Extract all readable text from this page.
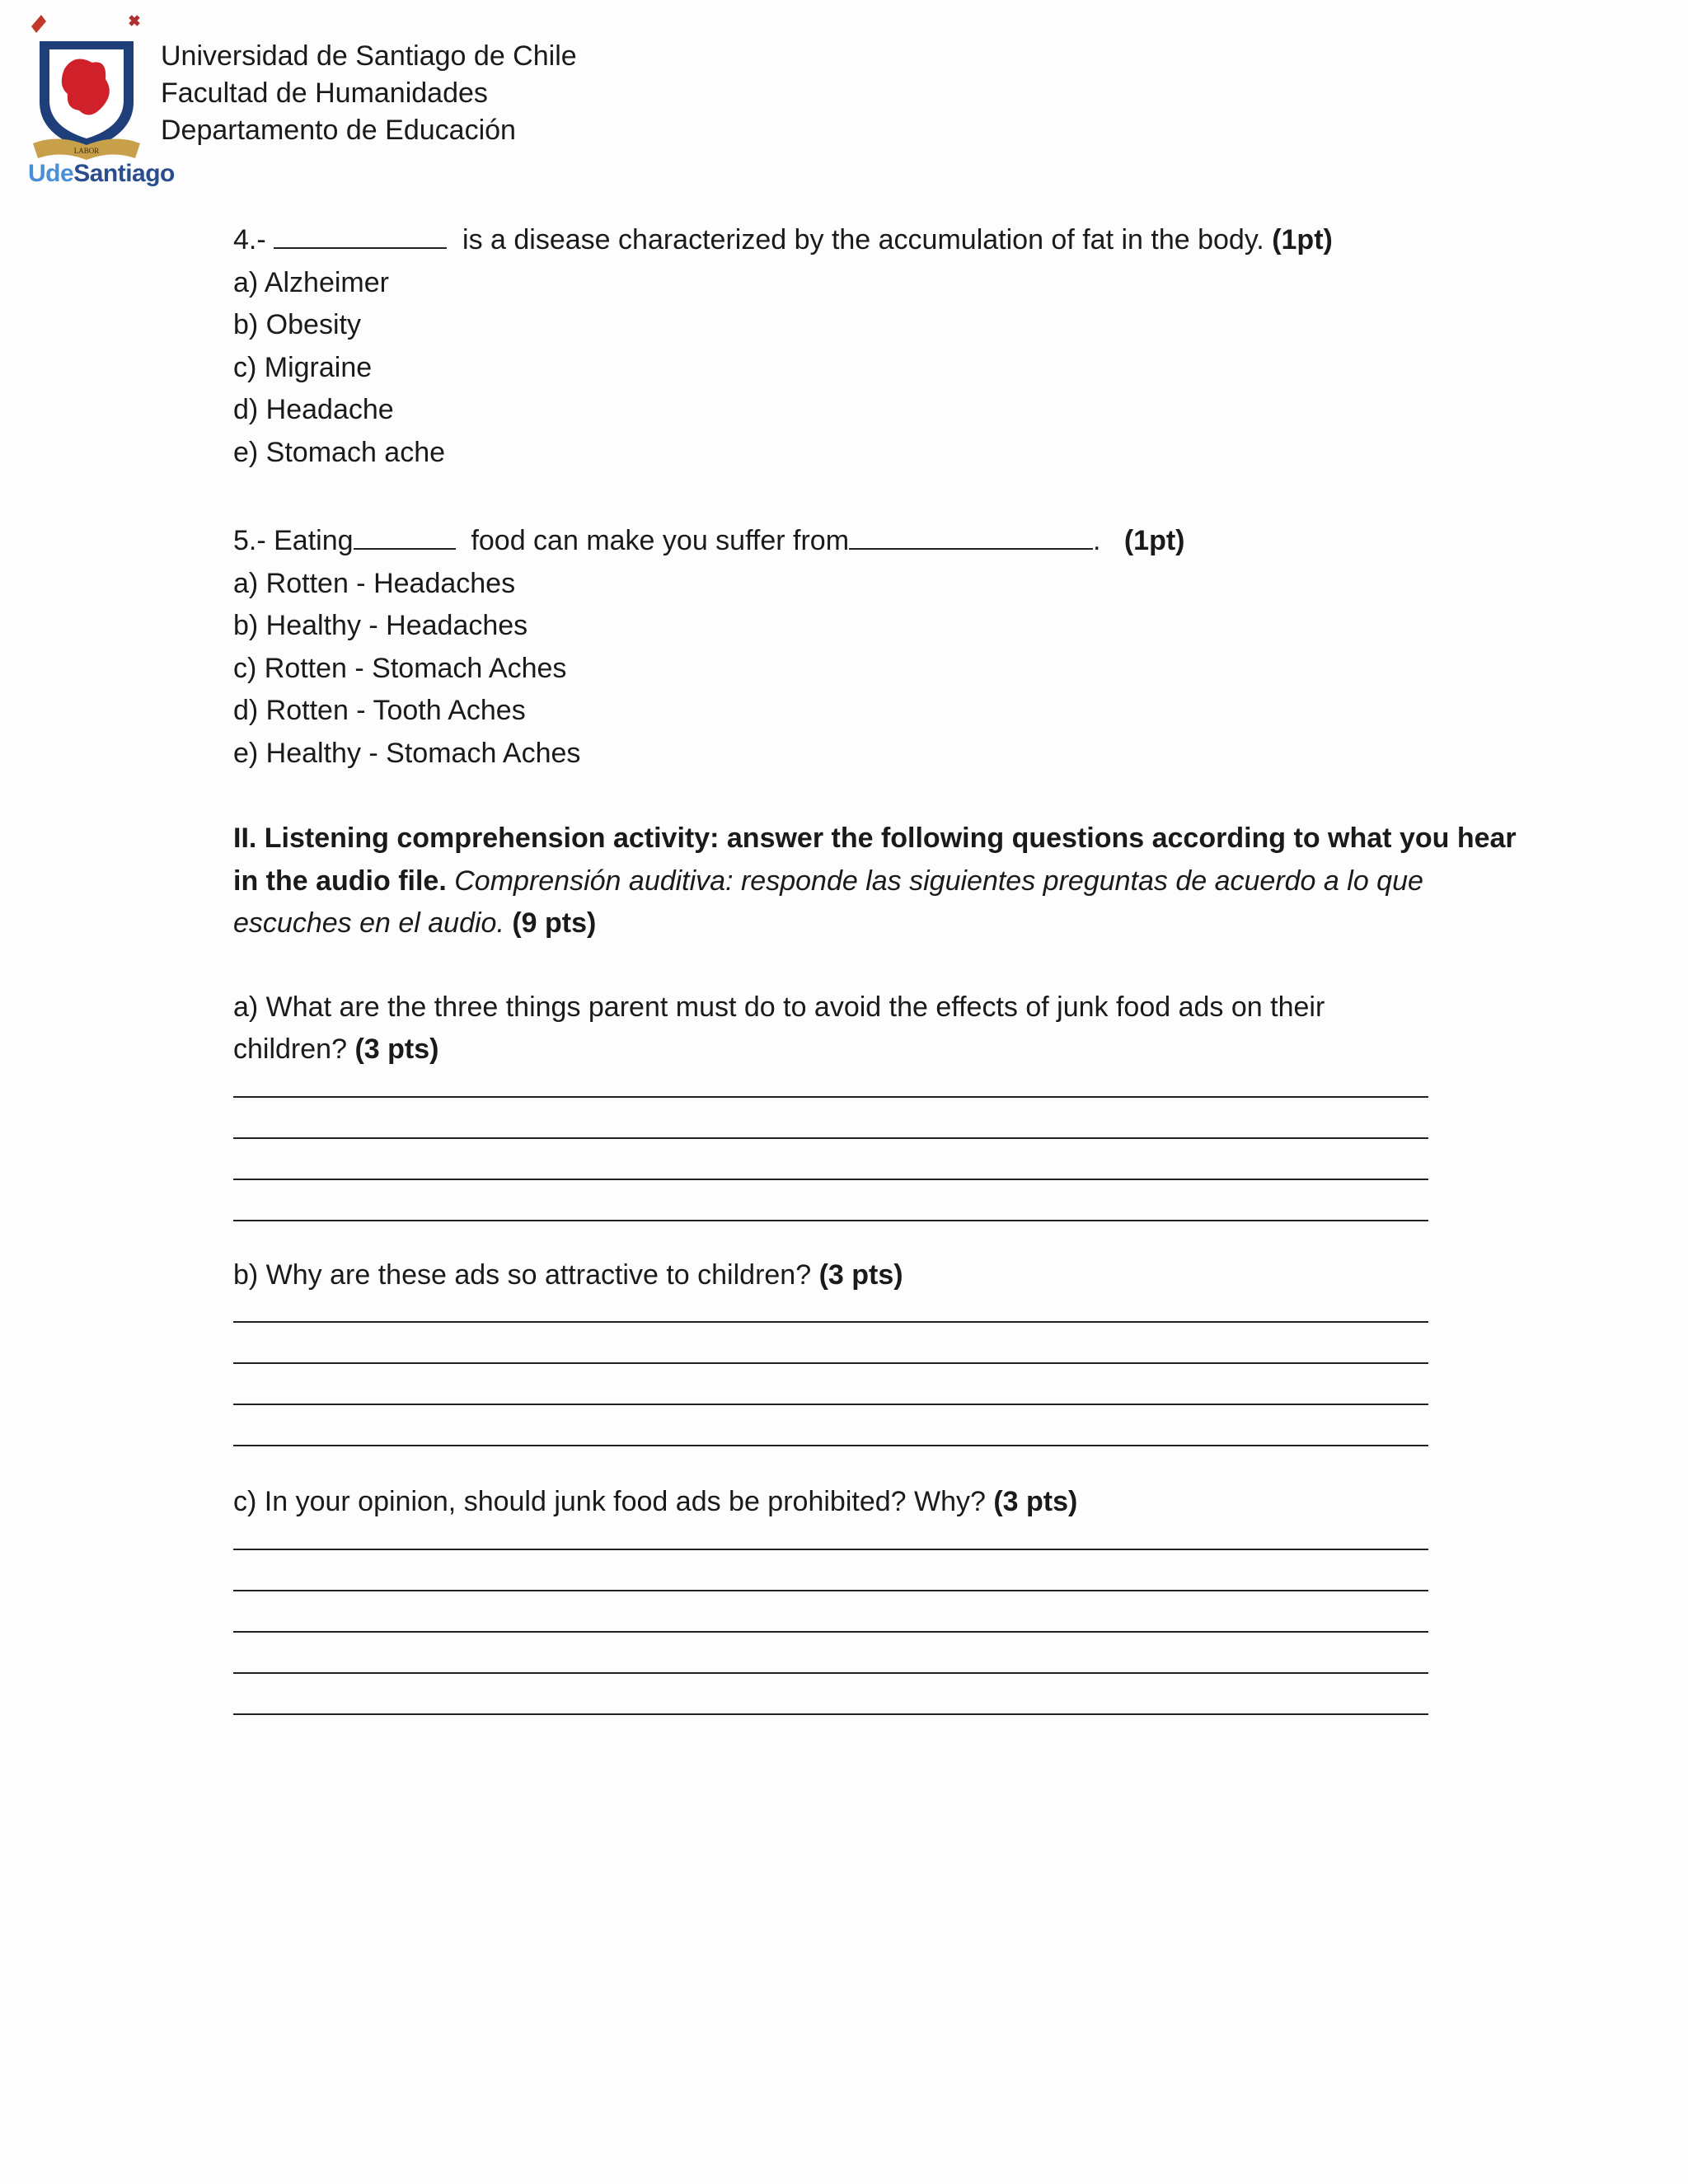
LABOR
UdeSantiago
Universidad de Santiago de Chile
Facultad de Humanidades
Departamento de Educación
4.-	is a disease characterized by the accumulation of fat in the body. (1pt)
a) Alzheimer
b) Obesity
c) Migraine
d) Headache
e) Stomach ache
5.- Eating	food can make you suffer from	. (1pt)
a) Rotten - Headaches
b) Healthy - Headaches
c) Rotten - Stomach Aches
d) Rotten - Tooth Aches
e) Healthy - Stomach Aches
II. Listening comprehension activity: answer the following questions according to what you hear
in the audio file. Comprensión auditiva: responde las siguientes preguntas de acuerdo a lo que
escuches en el audio. (9 pts)
a) What are the three things parent must do to avoid the effects of junk food ads on their
children? (3 pts)
b) Why are these ads so attractive to children? (3 pts)
c) In your opinion, should junk food ads be prohibited? Why? (3 pts)
